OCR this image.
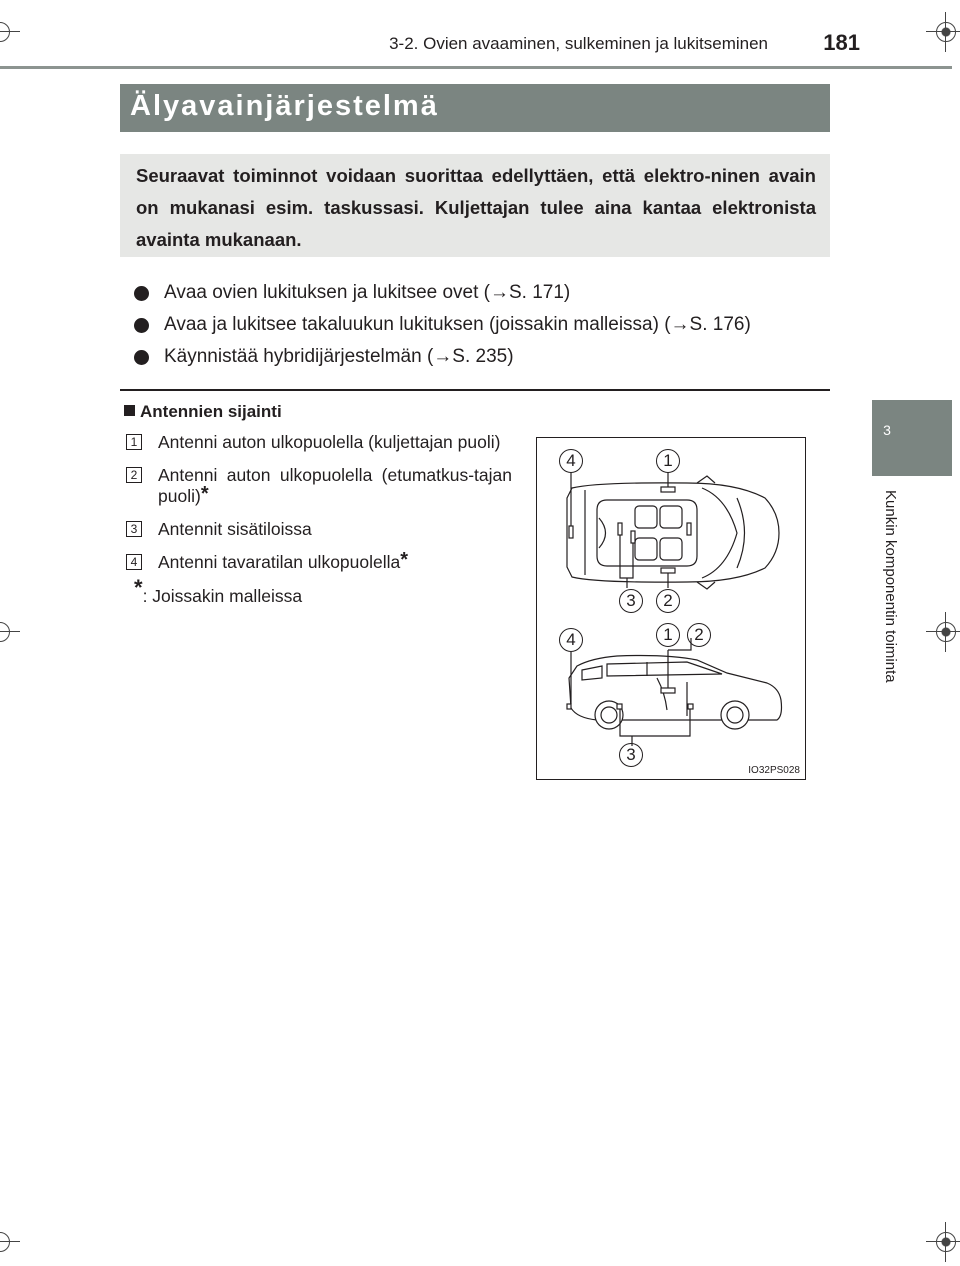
3-2. Ovien avaaminen, sulkeminen ja lukitseminen	181
3
Kunkin komponentin toiminta
Älyavainjärjestelmä
Seuraavat toiminnot voidaan suorittaa edellyttäen, että elektro-ninen avain on mukanasi esim. taskussasi. Kuljettajan tulee aina kantaa elektronista avainta mukanaan.
Avaa ovien lukituksen ja lukitsee ovet (→S. 171)
Avaa ja lukitsee takaluukun lukituksen (joissakin malleissa) (→S. 176)
Käynnistää hybridijärjestelmän (→S. 235)
Antennien sijainti
1 Antenni auton ulkopuolella (kuljettajan puoli)
2 Antenni auton ulkopuolella (etumatkus-tajan puoli)*
3 Antennit sisätiloissa
4 Antenni tavaratilan ulkopuolella*
*: Joissakin malleissa
4	1
3	2
4	1	2
3
IO32PS028
